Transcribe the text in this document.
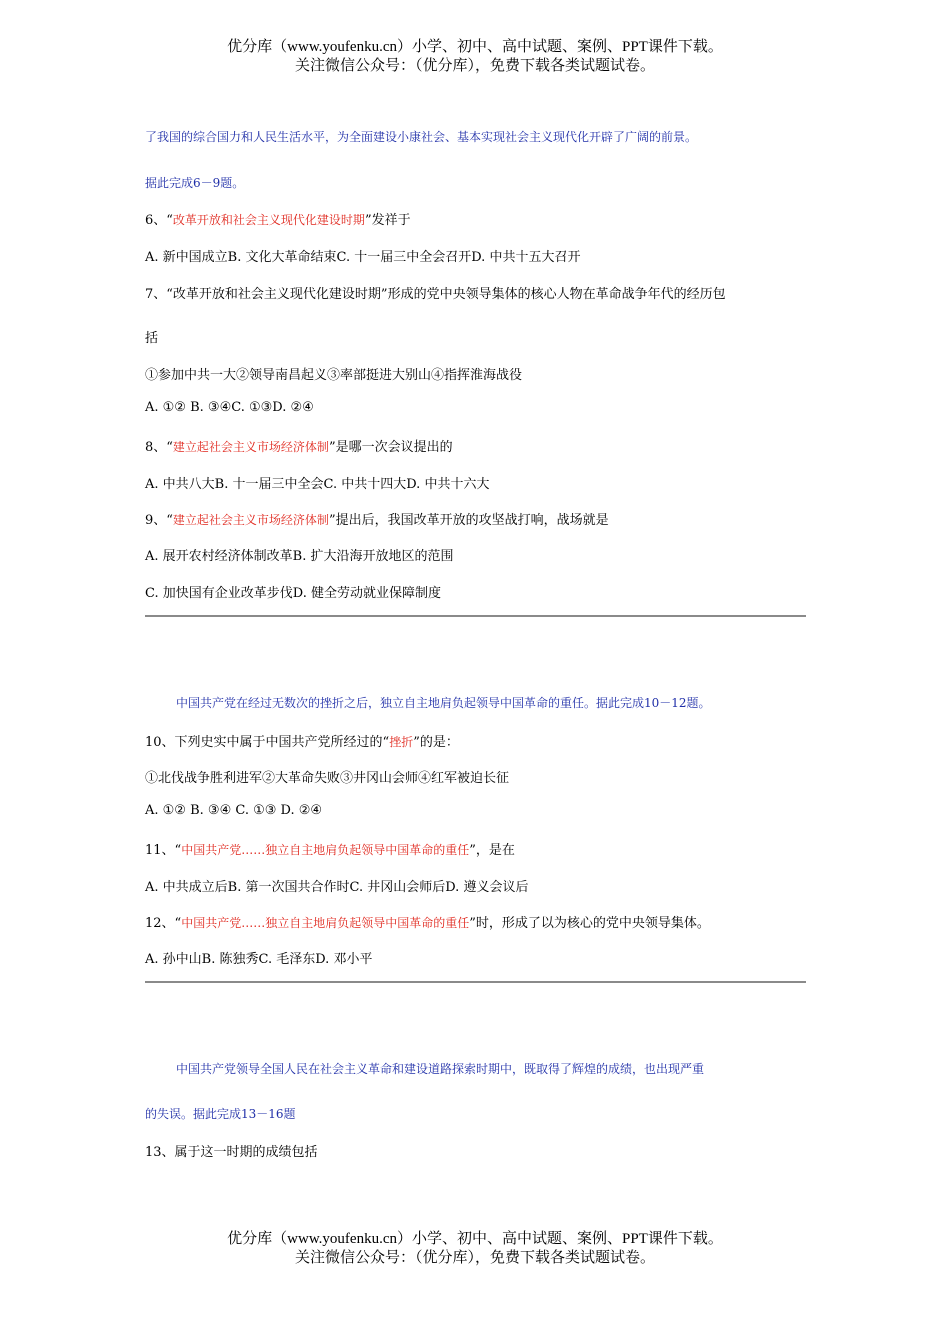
优分库（www.youfenku.cn）小学、初中、高中试题、案例、PPT课件下载。
关注微信公众号：（优分库），免费下载各类试题试卷。
了我国的综合国力和人民生活水平，为全面建设小康社会、基本实现社会主义现代化开辟了广阔的前景。
据此完成6－9题。
6、“改革开放和社会主义现代化建设时期”发祥于
A. 新中国成立B. 文化大革命结束C. 十一届三中全会召开D. 中共十五大召开
7、“改革开放和社会主义现代化建设时期”形成的党中央领导集体的核心人物在革命战争年代的经历包
括
①参加中共一大②领导南昌起义③率部挺进大别山④指挥淮海战役
A. ①② B. ③④C. ①③D. ②④
8、“建立起社会主义市场经济体制”是哪一次会议提出的
A. 中共八大B. 十一届三中全会C. 中共十四大D. 中共十六大
9、“建立起社会主义市场经济体制”提出后，我国改革开放的攻坚战打响，战场就是
A. 展开农村经济体制改革B. 扩大沿海开放地区的范围
C. 加快国有企业改革步伐D. 健全劳动就业保障制度
中国共产党在经过无数次的挫折之后，独立自主地肩负起领导中国革命的重任。据此完成10－12题。
10、下列史实中属于中国共产党所经过的“挫折”的是：
①北伐战争胜利进军②大革命失败③井冈山会师④红军被迫长征
A. ①② B. ③④ C. ①③ D. ②④
11、“中国共产党……独立自主地肩负起领导中国革命的重任”，是在
A. 中共成立后B. 第一次国共合作时C. 井冈山会师后D. 遵义会议后
12、“中国共产党……独立自主地肩负起领导中国革命的重任”时，形成了以为核心的党中央领导集体。
A. 孙中山B. 陈独秀C. 毛泽东D. 邓小平
中国共产党领导全国人民在社会主义革命和建设道路探索时期中，既取得了辉煌的成绩，也出现严重
的失误。据此完成13－16题
13、属于这一时期的成绩包括
优分库（www.youfenku.cn）小学、初中、高中试题、案例、PPT课件下载。
关注微信公众号：（优分库），免费下载各类试题试卷。
